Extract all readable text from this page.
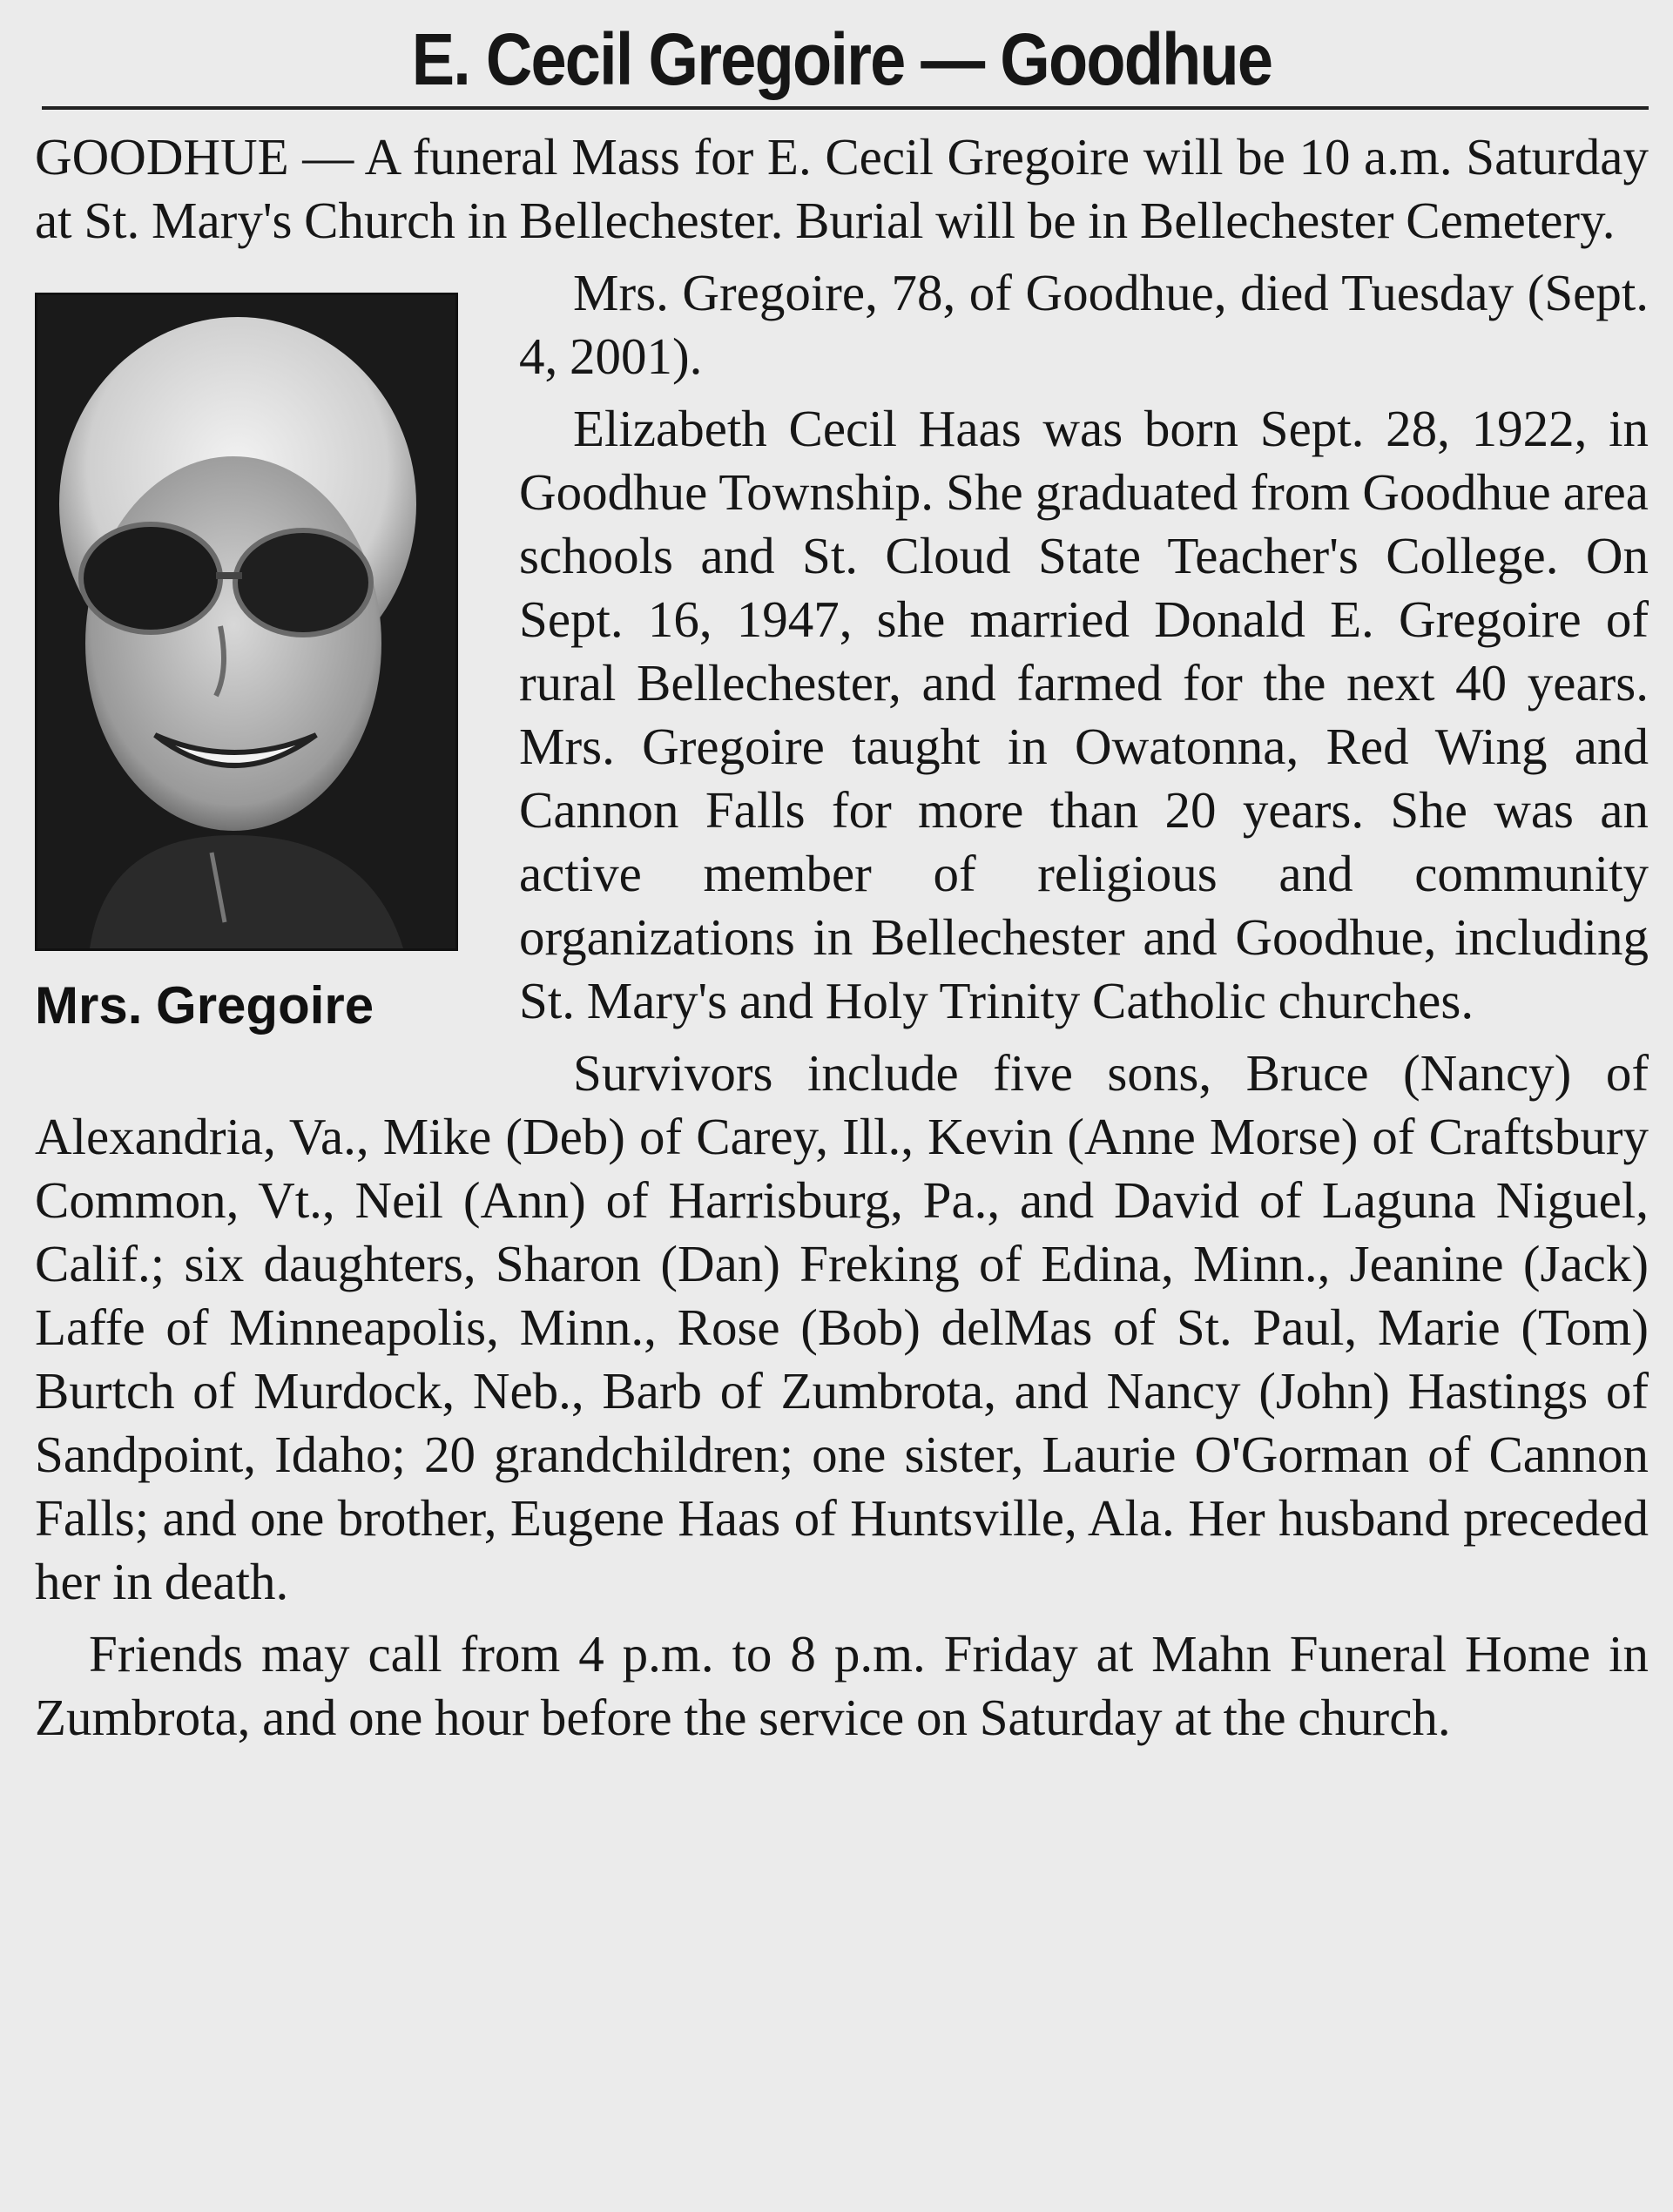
E. Cecil Gregoire — Goodhue

GOODHUE — A funeral Mass for E. Cecil Gregoire will be 10 a.m. Saturday at St. Mary's Church in Bellechester. Burial will be in Bellechester Cemetery.

Mrs. Gregoire

Mrs. Gregoire, 78, of Goodhue, died Tuesday (Sept. 4, 2001).

Elizabeth Cecil Haas was born Sept. 28, 1922, in Goodhue Township. She graduated from Goodhue area schools and St. Cloud State Teacher's College. On Sept. 16, 1947, she married Donald E. Gregoire of rural Bellechester, and farmed for the next 40 years. Mrs. Gregoire taught in Owatonna, Red Wing and Cannon Falls for more than 20 years. She was an active member of religious and community organizations in Bellechester and Goodhue, including St. Mary's and Holy Trinity Catholic churches.

Survivors include five sons, Bruce (Nancy) of Alexandria, Va., Mike (Deb) of Carey, Ill., Kevin (Anne Morse) of Craftsbury Common, Vt., Neil (Ann) of Harrisburg, Pa., and David of Laguna Niguel, Calif.; six daughters, Sharon (Dan) Freking of Edina, Minn., Jeanine (Jack) Laffe of Minneapolis, Minn., Rose (Bob) delMas of St. Paul, Marie (Tom) Burtch of Murdock, Neb., Barb of Zumbrota, and Nancy (John) Hastings of Sandpoint, Idaho; 20 grandchildren; one sister, Laurie O'Gorman of Cannon Falls; and one brother, Eugene Haas of Huntsville, Ala. Her husband preceded her in death.

Friends may call from 4 p.m. to 8 p.m. Friday at Mahn Funeral Home in Zumbrota, and one hour before the service on Saturday at the church.
